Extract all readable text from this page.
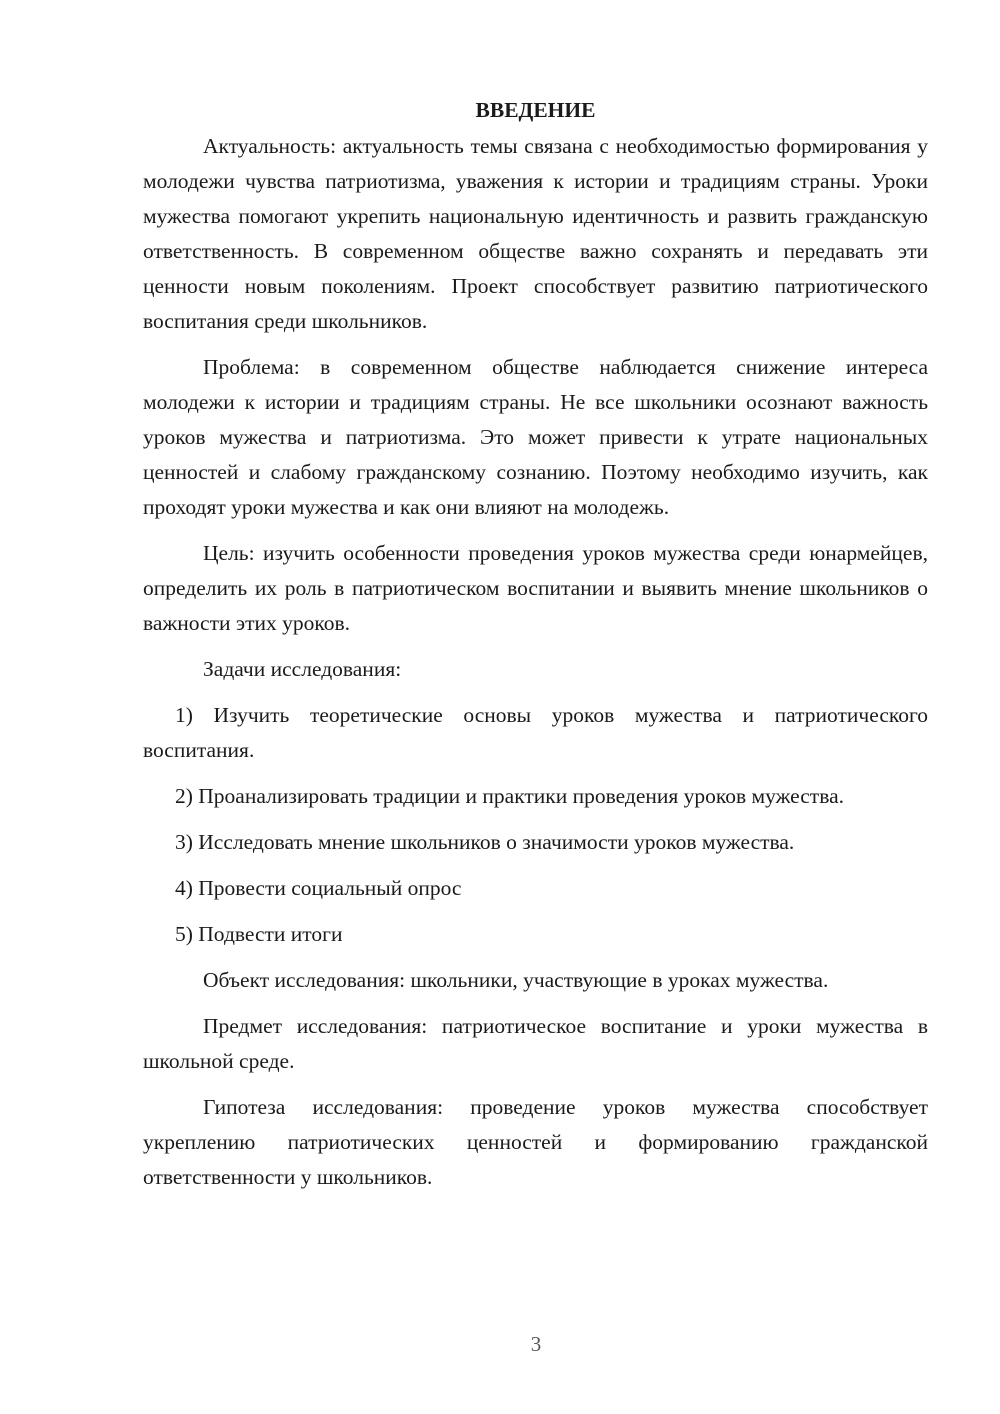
ВВЕДЕНИЕ

Актуальность: актуальность темы связана с необходимостью формирования у молодежи чувства патриотизма, уважения к истории и традициям страны. Уроки мужества помогают укрепить национальную идентичность и развить гражданскую ответственность. В современном обществе важно сохранять и передавать эти ценности новым поколениям. Проект способствует развитию патриотического воспитания среди школьников.

Проблема: в современном обществе наблюдается снижение интереса молодежи к истории и традициям страны. Не все школьники осознают важность уроков мужества и патриотизма. Это может привести к утрате национальных ценностей и слабому гражданскому сознанию. Поэтому необходимо изучить, как проходят уроки мужества и как они влияют на молодежь.

Цель: изучить особенности проведения уроков мужества среди юнармейцев, определить их роль в патриотическом воспитании и выявить мнение школьников о важности этих уроков.

Задачи исследования:

1) Изучить теоретические основы уроков мужества и патриотического воспитания.

2) Проанализировать традиции и практики проведения уроков мужества.

3) Исследовать мнение школьников о значимости уроков мужества.

4) Провести социальный опрос

5) Подвести итоги

Объект исследования: школьники, участвующие в уроках мужества.

Предмет исследования: патриотическое воспитание и уроки мужества в школьной среде.

Гипотеза исследования: проведение уроков мужества способствует укреплению патриотических ценностей и формированию гражданской ответственности у школьников.

3
